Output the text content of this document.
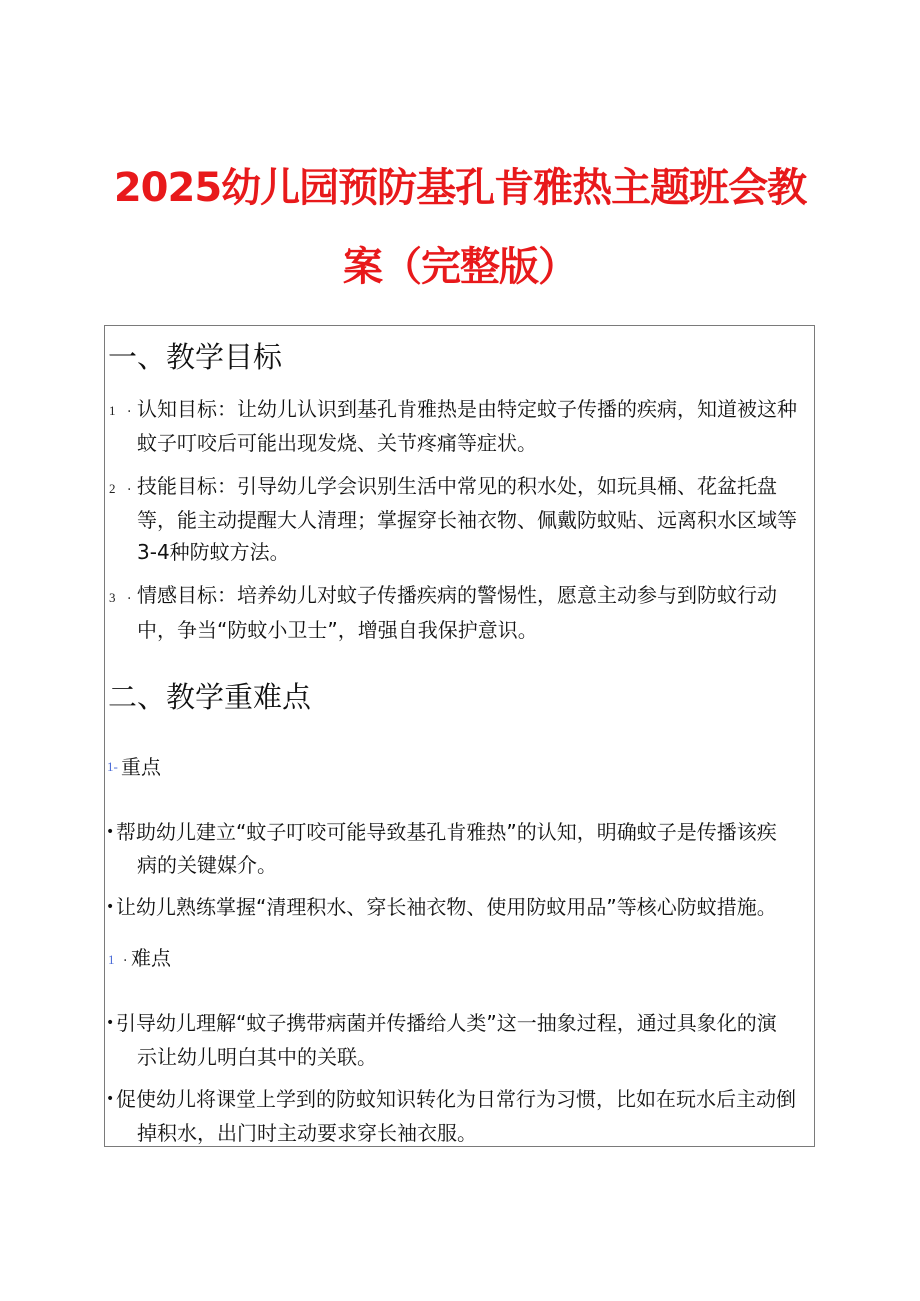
2025幼儿园预防基孔肯雅热主题班会教
案（完整版）
一、教学目标
1 . 认知目标：让幼儿认识到基孔肯雅热是由特定蚊子传播的疾病，知道被这种
蚊子叮咬后可能出现发烧、关节疼痛等症状。
2 . 技能目标：引导幼儿学会识别生活中常见的积水处，如玩具桶、花盆托盘
等，能主动提醒大人清理；掌握穿长袖衣物、佩戴防蚊贴、远离积水区域等
3-4种防蚊方法。
3 . 情感目标：培养幼儿对蚊子传播疾病的警惕性，愿意主动参与到防蚊行动
中，争当“防蚊小卫士”，增强自我保护意识。
二、教学重难点
1- 重点
• 帮助幼儿建立“蚊子叮咬可能导致基孔肯雅热”的认知，明确蚊子是传播该疾
病的关键媒介。
• 让幼儿熟练掌握“清理积水、穿长袖衣物、使用防蚊用品”等核心防蚊措施。
1 . 难点
• 引导幼儿理解“蚊子携带病菌并传播给人类”这一抽象过程，通过具象化的演
示让幼儿明白其中的关联。
• 促使幼儿将课堂上学到的防蚊知识转化为日常行为习惯，比如在玩水后主动倒
掉积水，出门时主动要求穿长袖衣服。
